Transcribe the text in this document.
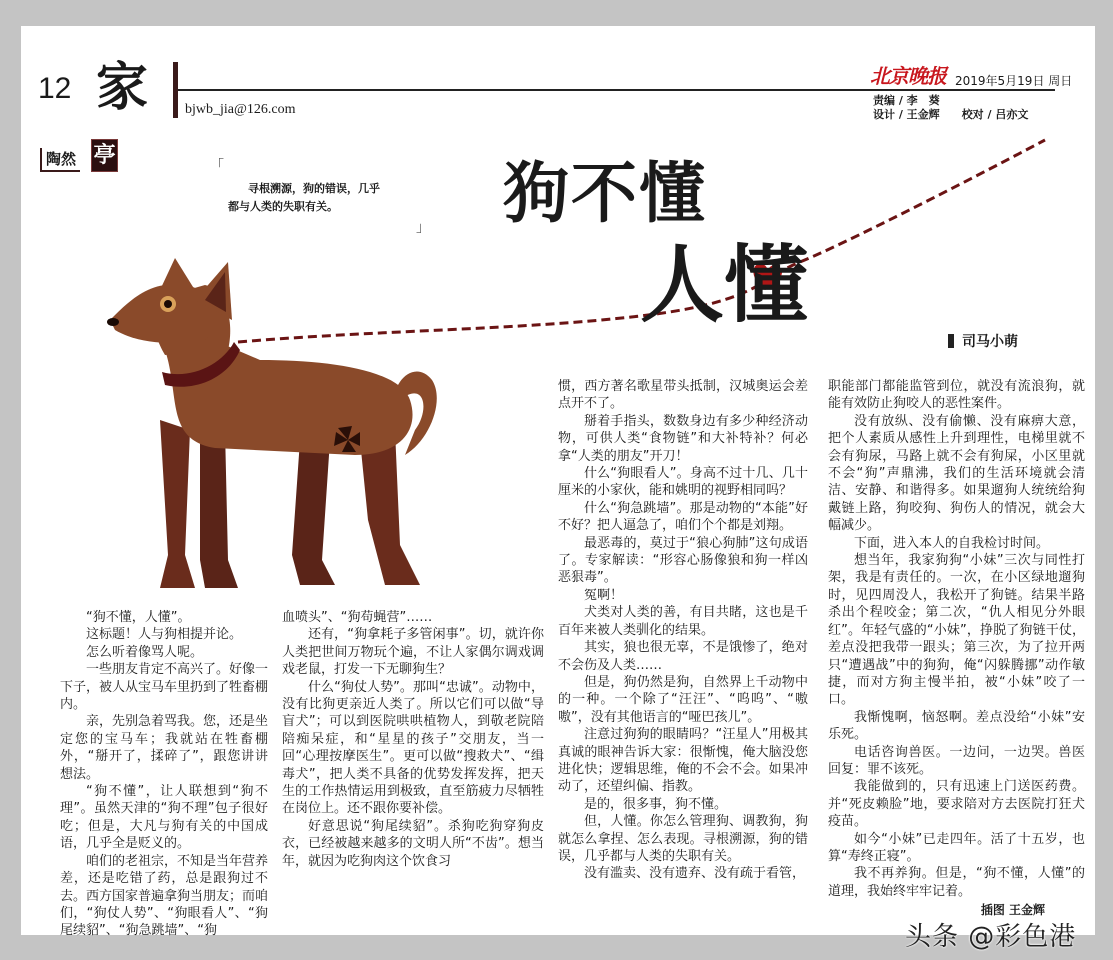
12 家	bjwb_jia@126.com
北京晚报 2019年5月19日 周日
责编 / 李　葵
设计 / 王金辉　　 校对 / 吕亦文
陶然 亭	「
寻根溯源，狗的错误，几乎
都与人类的失职有关。
」 狗不懂
人懂
司马小萌

“狗不懂，人懂”。

这标题！人与狗相提并论。

怎么听着像骂人呢。

一些朋友肯定不高兴了。好像一下子，被人从宝马车里扔到了牲畜棚内。

亲，先别急着骂我。您，还是坐定您的宝马车；我就站在牲畜棚外，“掰开了，揉碎了”，跟您讲讲想法。

“狗不懂”，让人联想到“狗不理”。虽然天津的“狗不理”包子很好吃；但是，大凡与狗有关的中国成语，几乎全是贬义的。

咱们的老祖宗，不知是当年营养差，还是吃错了药，总是跟狗过不去。西方国家普遍拿狗当朋友；而咱们，“狗仗人势”、“狗眼看人”、“狗尾续貂”、“狗急跳墙”、“狗

血喷头”、“狗苟蝇营”……

还有，“狗拿耗子多管闲事”。切，就许你人类把世间万物玩个遍，不让人家偶尔调戏调戏老鼠，打发一下无聊狗生？

什么“狗仗人势”。那叫“忠诚”。动物中，没有比狗更亲近人类了。所以它们可以做“导盲犬”；可以到医院哄哄植物人，到敬老院陪陪痴呆症，和“星星的孩子”交朋友，当一回“心理按摩医生”。更可以做“搜救犬”、“缉毒犬”，把人类不具备的优势发挥发挥，把天生的工作热情运用到极致，直至筋疲力尽牺牲在岗位上。还不跟你要补偿。

好意思说“狗尾续貂”。杀狗吃狗穿狗皮衣，已经被越来越多的文明人所“不齿”。想当年，就因为吃狗肉这个饮食习

惯，西方著名歌星带头抵制，汉城奥运会差点开不了。

掰着手指头，数数身边有多少种经济动物，可供人类“食物链”和大补特补？何必拿“人类的朋友”开刀！

什么“狗眼看人”。身高不过十几、几十厘米的小家伙，能和姚明的视野相同吗？

什么“狗急跳墙”。那是动物的“本能”好不好？把人逼急了，咱们个个都是刘翔。

最恶毒的，莫过于“狼心狗肺”这句成语了。专家解读：“形容心肠像狼和狗一样凶恶狠毒”。

冤啊！

犬类对人类的善，有目共睹，这也是千百年来被人类驯化的结果。

其实，狼也很无辜，不是饿惨了，绝对不会伤及人类……

但是，狗仍然是狗，自然界上千动物中的一种。一个除了“汪汪”、“呜呜”、“嗷嗷”，没有其他语言的“哑巴孩儿”。

注意过狗狗的眼睛吗？“汪星人”用极其真诚的眼神告诉大家：很惭愧，俺大脑没您进化快；逻辑思维，俺的不会不会。如果冲动了，还望纠偏、指教。

是的，很多事，狗不懂。

但，人懂。你怎么管理狗、调教狗，狗就怎么拿捏、怎么表现。寻根溯源，狗的错误，几乎都与人类的失职有关。

没有滥卖、没有遗弃、没有疏于看管，

职能部门都能监管到位，就没有流浪狗，就能有效防止狗咬人的恶性案件。

没有放纵、没有偷懒、没有麻痹大意，把个人素质从感性上升到理性，电梯里就不会有狗尿，马路上就不会有狗屎，小区里就不会“狗”声鼎沸，我们的生活环境就会清洁、安静、和谐得多。如果遛狗人统统给狗戴链上路，狗咬狗、狗伤人的情况，就会大幅减少。

下面，进入本人的自我检讨时间。

想当年，我家狗狗“小妹”三次与同性打架，我是有责任的。一次，在小区绿地遛狗时，见四周没人，我松开了狗链。结果半路杀出个程咬金；第二次，“仇人相见分外眼红”。年轻气盛的“小妹”，挣脱了狗链干仗，差点没把我带一跟头；第三次，为了拉开两只“遭遇战”中的狗狗，俺“闪躲腾挪”动作敏捷，而对方狗主慢半拍，被“小妹”咬了一口。

我惭愧啊，恼怒啊。差点没给“小妹”安乐死。

电话咨询兽医。一边问，一边哭。兽医回复：罪不该死。

我能做到的，只有迅速上门送医药费。并“死皮赖脸”地，要求陪对方去医院打狂犬疫苗。

如今“小妹”已走四年。活了十五岁，也算“寿终正寝”。

我不再养狗。但是，“狗不懂，人懂”的道理，我始终牢牢记着。

插图 王金辉
头条 @彩色港
